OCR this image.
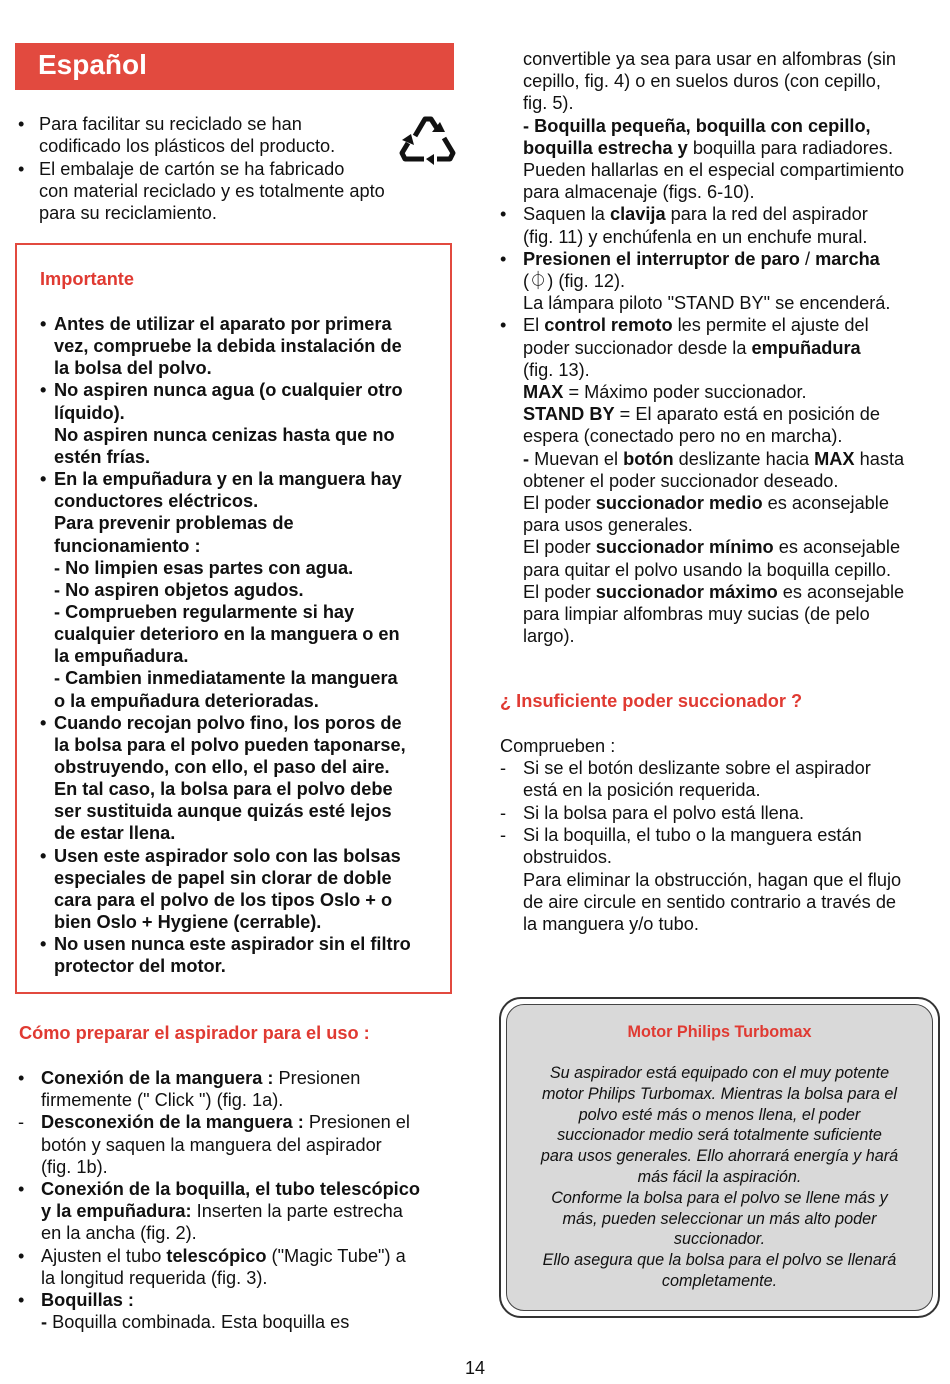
Español
• Para facilitar su reciclado se han
codificado los plásticos del producto.
• El embalaje de cartón se ha fabricado
con material reciclado y es totalmente apto
para su reciclamiento.
Importante
• Antes de utilizar el aparato por primera
vez, compruebe la debida instalación de
la bolsa del polvo.
• No aspiren nunca agua (o cualquier otro
líquido).
No aspiren nunca cenizas hasta que no
estén frías.
• En la empuñadura y en la manguera hay
conductores eléctricos.
Para prevenir problemas de
funcionamiento :
- No limpien esas partes con agua.
- No aspiren objetos agudos.
- Comprueben regularmente si hay
cualquier deterioro en la manguera o en
la empuñadura.
- Cambien inmediatamente la manguera
o la empuñadura deterioradas.
• Cuando recojan polvo fino, los poros de
la bolsa para el polvo pueden taponarse,
obstruyendo, con ello, el paso del aire.
En tal caso, la bolsa para el polvo debe
ser sustituida aunque quizás esté lejos
de estar llena.
• Usen este aspirador solo con las bolsas
especiales de papel sin clorar de doble
cara para el polvo de los tipos Oslo + o
bien Oslo + Hygiene (cerrable).
• No usen nunca este aspirador sin el filtro
protector del motor.
Cómo preparar el aspirador para el uso :
• Conexión de la manguera : Presionen
firmemente (" Click ") (fig. 1a).
- Desconexión de la manguera : Presionen el
botón y saquen la manguera del aspirador
(fig. 1b).
• Conexión de la boquilla, el tubo telescópico
y la empuñadura: Inserten la parte estrecha
en la ancha (fig. 2).
• Ajusten el tubo telescópico ("Magic Tube") a
la longitud requerida (fig. 3).
• Boquillas :
- Boquilla combinada. Esta boquilla es
convertible ya sea para usar en alfombras (sin
cepillo, fig. 4) o en suelos duros (con cepillo,
fig. 5).
- Boquilla pequeña, boquilla con cepillo,
boquilla estrecha y boquilla para radiadores.
Pueden hallarlas en el especial compartimiento
para almacenaje (figs. 6-10).
• Saquen la clavija para la red del aspirador
(fig. 11) y enchúfenla en un enchufe mural.
• Presionen el interruptor de paro / marcha
(⏀) (fig. 12).
La lámpara piloto "STAND BY" se encenderá.
• El control remoto les permite el ajuste del
poder succionador desde la empuñadura
(fig. 13).
MAX = Máximo poder succionador.
STAND BY = El aparato está en posición de
espera (conectado pero no en marcha).
- Muevan el botón deslizante hacia MAX hasta
obtener el poder succionador deseado.
El poder succionador medio es aconsejable
para usos generales.
El poder succionador mínimo es aconsejable
para quitar el polvo usando la boquilla cepillo.
El poder succionador máximo es aconsejable
para limpiar alfombras muy sucias (de pelo
largo).
¿ Insuficiente poder succionador ?
Comprueben :
- Si se el botón deslizante sobre el aspirador
está en la posición requerida.
- Si la bolsa para el polvo está llena.
- Si la boquilla, el tubo o la manguera están
obstruidos.
Para eliminar la obstrucción, hagan que el flujo
de aire circule en sentido contrario a través de
la manguera y/o tubo.
Motor Philips Turbomax
Su aspirador está equipado con el muy potente
motor Philips Turbomax. Mientras la bolsa para el
polvo esté más o menos llena, el poder
succionador medio será totalmente suficiente
para usos generales. Ello ahorrará energía y hará
más fácil la aspiración.
Conforme la bolsa para el polvo se llene más y
más, pueden seleccionar un más alto poder
succionador.
Ello asegura que la bolsa para el polvo se llenará
completamente.
14
